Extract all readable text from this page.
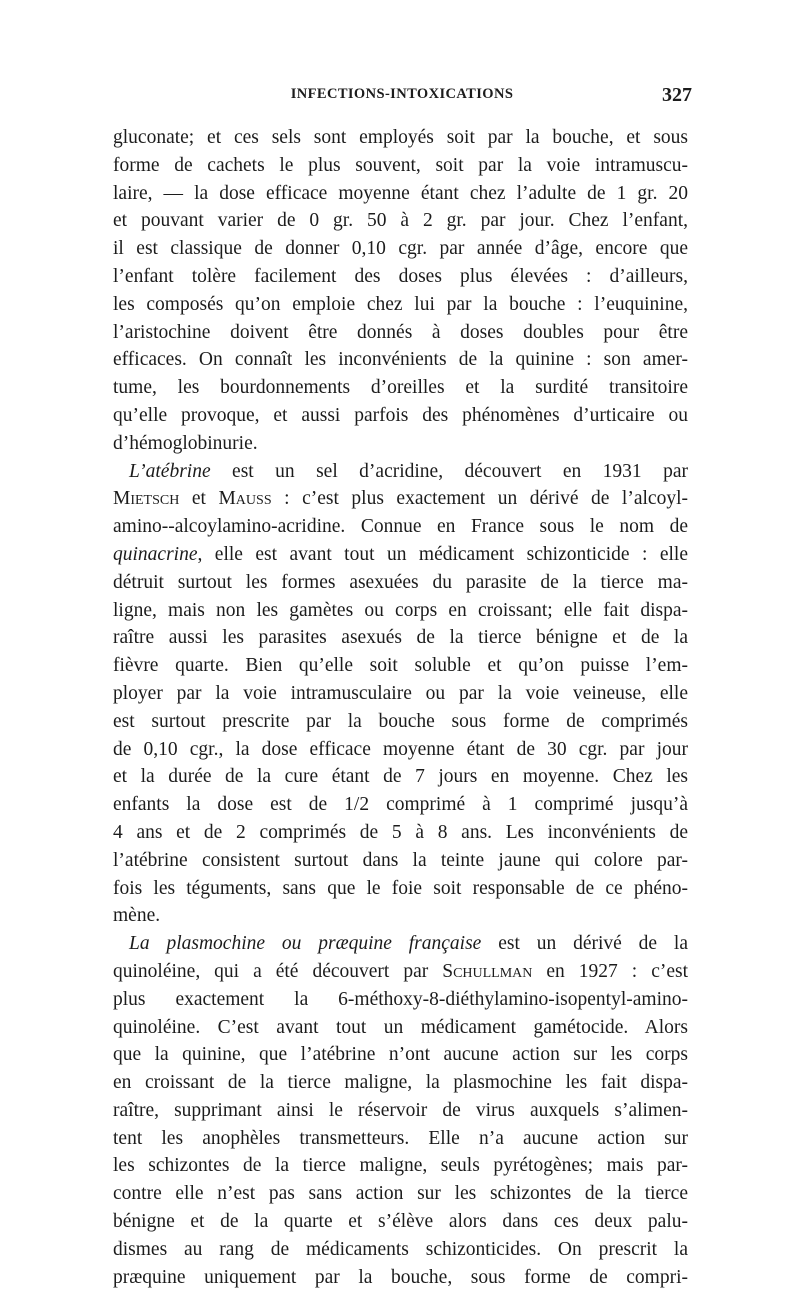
INFECTIONS-INTOXICATIONS	327
gluconate; et ces sels sont employés soit par la bouche, et sous
forme de cachets le plus souvent, soit par la voie intramuscu-
laire, — la dose efficace moyenne étant chez l’adulte de 1 gr. 20
et pouvant varier de 0 gr. 50 à 2 gr. par jour. Chez l’enfant,
il est classique de donner 0,10 cgr. par année d’âge, encore que
l’enfant tolère facilement des doses plus élevées : d’ailleurs,
les composés qu’on emploie chez lui par la bouche : l’euquinine,
l’aristochine doivent être donnés à doses doubles pour être
efficaces. On connaît les inconvénients de la quinine : son amer-
tume, les bourdonnements d’oreilles et la surdité transitoire
qu’elle provoque, et aussi parfois des phénomènes d’urticaire ou
d’hémoglobinurie.
L’atébrine est un sel d’acridine, découvert en 1931 par
Mietsch et Mauss : c’est plus exactement un dérivé de l’alcoyl-
amino--alcoylamino-acridine. Connue en France sous le nom de
quinacrine, elle est avant tout un médicament schizonticide : elle
détruit surtout les formes asexuées du parasite de la tierce ma-
ligne, mais non les gamètes ou corps en croissant; elle fait dispa-
raître aussi les parasites asexués de la tierce bénigne et de la
fièvre quarte. Bien qu’elle soit soluble et qu’on puisse l’em-
ployer par la voie intramusculaire ou par la voie veineuse, elle
est surtout prescrite par la bouche sous forme de comprimés
de 0,10 cgr., la dose efficace moyenne étant de 30 cgr. par jour
et la durée de la cure étant de 7 jours en moyenne. Chez les
enfants la dose est de 1/2 comprimé à 1 comprimé jusqu’à
4 ans et de 2 comprimés de 5 à 8 ans. Les inconvénients de
l’atébrine consistent surtout dans la teinte jaune qui colore par-
fois les téguments, sans que le foie soit responsable de ce phéno-
mène.
La plasmochine ou præquine française est un dérivé de la
quinoléine, qui a été découvert par Schullman en 1927 : c’est
plus exactement la 6-méthoxy-8-diéthylamino-isopentyl-amino-
quinoléine. C’est avant tout un médicament gamétocide. Alors
que la quinine, que l’atébrine n’ont aucune action sur les corps
en croissant de la tierce maligne, la plasmochine les fait dispa-
raître, supprimant ainsi le réservoir de virus auxquels s’alimen-
tent les anophèles transmetteurs. Elle n’a aucune action sur
les schizontes de la tierce maligne, seuls pyrétogènes; mais par-
contre elle n’est pas sans action sur les schizontes de la tierce
bénigne et de la quarte et s’élève alors dans ces deux palu-
dismes au rang de médicaments schizonticides. On prescrit la
præquine uniquement par la bouche, sous forme de compri-
